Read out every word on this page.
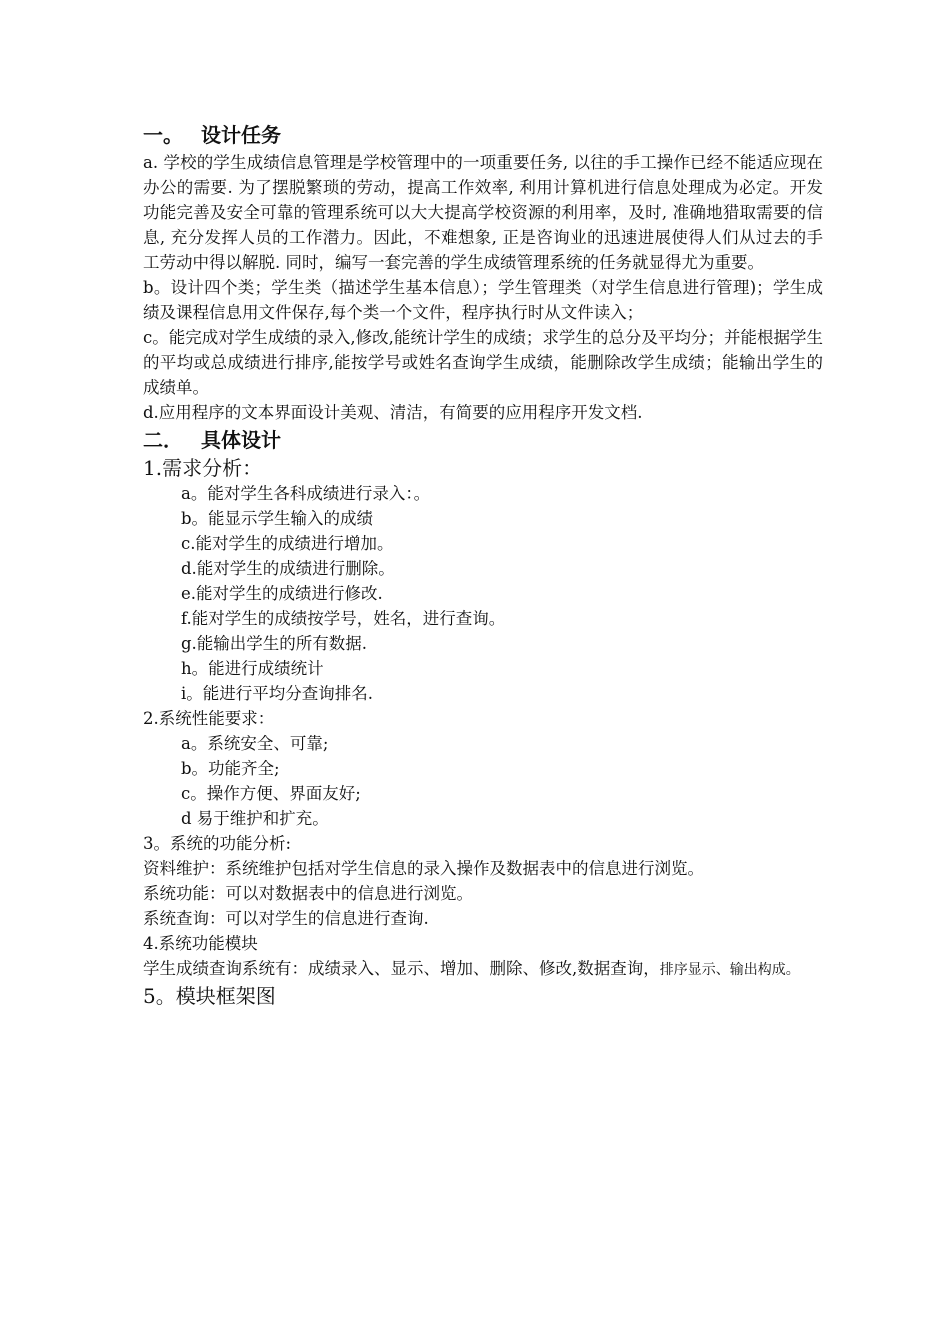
一。 设计任务
a. 学校的学生成绩信息管理是学校管理中的一项重要任务, 以往的手工操作已经不能适应现在办公的需要. 为了摆脱繁琐的劳动，提高工作效率, 利用计算机进行信息处理成为必定。开发功能完善及安全可靠的管理系统可以大大提高学校资源的利用率，及时, 准确地猎取需要的信息, 充分发挥人员的工作潜力。因此，不难想象, 正是咨询业的迅速进展使得人们从过去的手工劳动中得以解脱. 同时，编写一套完善的学生成绩管理系统的任务就显得尤为重要。
b。设计四个类；学生类（描述学生基本信息）；学生管理类（对学生信息进行管理)；学生成绩及课程信息用文件保存,每个类一个文件，程序执行时从文件读入；
c。能完成对学生成绩的录入,修改,能统计学生的成绩；求学生的总分及平均分；并能根据学生的平均或总成绩进行排序,能按学号或姓名查询学生成绩，能删除改学生成绩；能输出学生的成绩单。
d.应用程序的文本界面设计美观、清洁，有简要的应用程序开发文档.
二． 具体设计
1.需求分析：
a。能对学生各科成绩进行录入：。
b。能显示学生输入的成绩
c.能对学生的成绩进行增加。
d.能对学生的成绩进行删除。
e.能对学生的成绩进行修改.
f.能对学生的成绩按学号，姓名，进行查询。
g.能输出学生的所有数据.
h。能进行成绩统计
i。能进行平均分查询排名.
2.系统性能要求：
a。系统安全、可靠;
b。功能齐全;
c。操作方便、界面友好;
d 易于维护和扩充。
3。系统的功能分析:
资料维护：系统维护包括对学生信息的录入操作及数据表中的信息进行浏览。
系统功能：可以对数据表中的信息进行浏览。
系统查询：可以对学生的信息进行查询.
4.系统功能模块
学生成绩查询系统有：成绩录入、显示、增加、删除、修改,数据查询，排序显示、输出构成。
5。模块框架图
